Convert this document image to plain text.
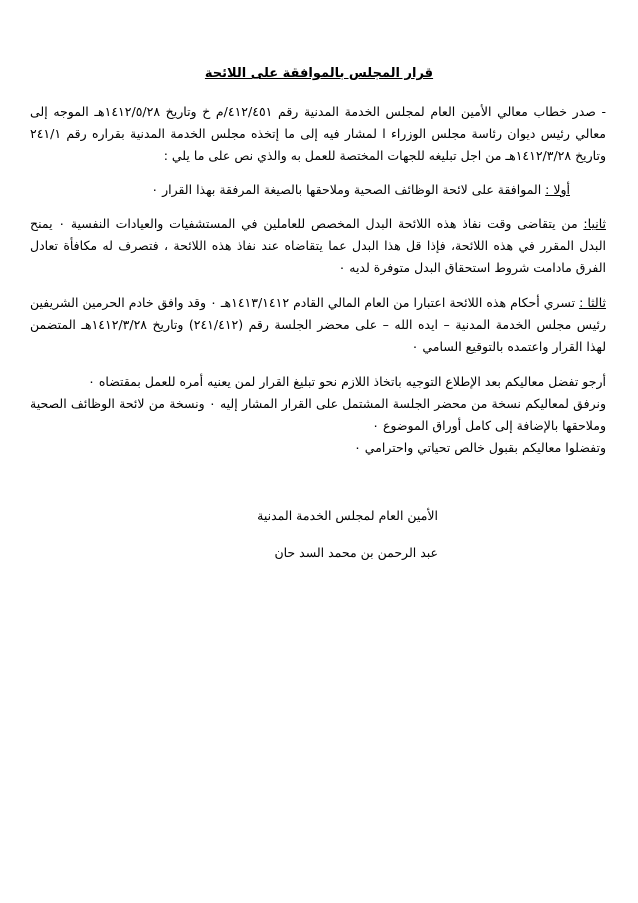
قرار المجلس بالموافقة على اللائحة

- صدر خطاب معالي الأمين العام لمجلس الخدمة المدنية رقم ٤١٢/٤٥١/م خ وتاريخ ١٤١٢/٥/٢٨هـ الموجه إلى معالي رئيس ديوان رئاسة مجلس الوزراء ا لمشار فيه إلى ما إتخذه مجلس الخدمة المدنية بقراره رقم ٢٤١/١ وتاريخ ١٤١٢/٣/٢٨هـ من اجل تبليغه للجهات المختصة للعمل به والذي نص على ما يلي :

أولا : الموافقة على لائحة الوظائف الصحية وملاحقها بالصيغة المرفقة بهذا القرار ٠

ثانيا: من يتقاضى وقت نفاذ هذه اللائحة البدل المخصص للعاملين في المستشفيات والعيادات النفسية ٠ يمنح البدل المقرر في هذه اللائحة، فإذا قل هذا البدل عما يتقاضاه عند نفاذ هذه اللائحة ، فتصرف له مكافأة تعادل الفرق مادامت شروط استحقاق البدل متوفرة لديه ٠

ثالثا : تسري أحكام هذه اللائحة اعتبارا من العام المالي القادم ١٤١٣/١٤١٢هـ ٠ وقد وافق خادم الحرمين الشريفين رئيس مجلس الخدمة المدنية – ايده الله – على محضر الجلسة رقم (٢٤١/٤١٢) وتاريخ ١٤١٢/٣/٢٨هـ المتضمن لهذا القرار واعتمده بالتوقيع السامي ٠

أرجو تفضل معاليكم بعد الإطلاع التوجيه باتخاذ اللازم نحو تبليغ القرار لمن يعنيه أمره للعمل بمقتضاه ٠

ونرفق لمعاليكم نسخة من محضر الجلسة المشتمل على القرار المشار إليه ٠ ونسخة من لائحة الوظائف الصحية وملاحقها بالإضافة إلى كامل أوراق الموضوع ٠

وتفضلوا معاليكم بقبول خالص تحياتي واحترامي ٠

الأمين العام لمجلس الخدمة المدنية
عبد الرحمن بن محمد السد حان
